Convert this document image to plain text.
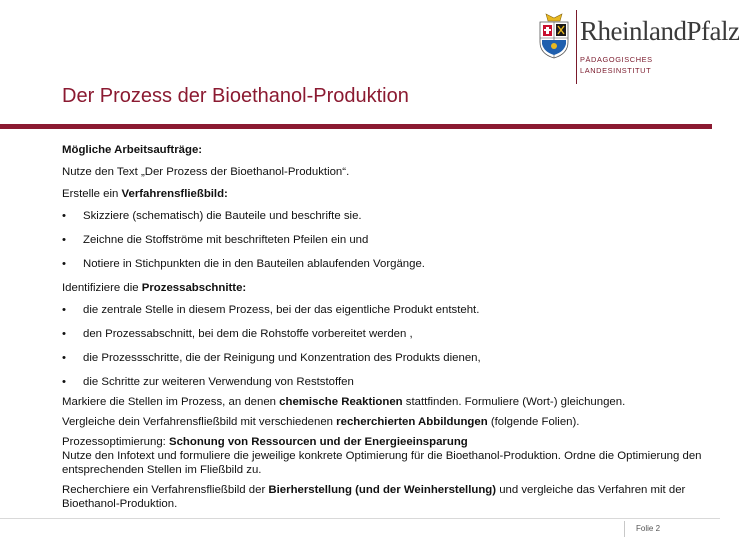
RheinlandPfalz
PÄDAGOGISCHES
LANDESINSTITUT
Der Prozess der Bioethanol-Produktion

Mögliche Arbeitsaufträge:

Nutze den Text „Der Prozess der Bioethanol-Produktion“.

Erstelle ein Verfahrensfließbild:

• Skizziere (schematisch) die Bauteile und beschrifte sie.
• Zeichne die Stoffströme mit beschrifteten Pfeilen ein und
• Notiere in Stichpunkten die in den Bauteilen ablaufenden Vorgänge.

Identifiziere die Prozessabschnitte:

• die zentrale Stelle in diesem Prozess, bei der das eigentliche Produkt entsteht.
• den Prozessabschnitt, bei dem die Rohstoffe vorbereitet werden ,
• die Prozessschritte, die der Reinigung und Konzentration des Produkts dienen,
• die Schritte zur weiteren Verwendung von Reststoffen

Markiere die Stellen im Prozess, an denen chemische Reaktionen stattfinden. Formuliere (Wort-) gleichungen.

Vergleiche dein Verfahrensfließbild mit verschiedenen recherchierten Abbildungen (folgende Folien).

Prozessoptimierung: Schonung von Ressourcen und der Energieeinsparung
Nutze den Infotext und formuliere die jeweilige konkrete Optimierung für die Bioethanol-Produktion. Ordne die Optimierung den entsprechenden Stellen im Fließbild zu.

Recherchiere ein Verfahrensfließbild der Bierherstellung (und der Weinherstellung) und vergleiche das Verfahren mit der Bioethanol-Produktion.

Folie 2
